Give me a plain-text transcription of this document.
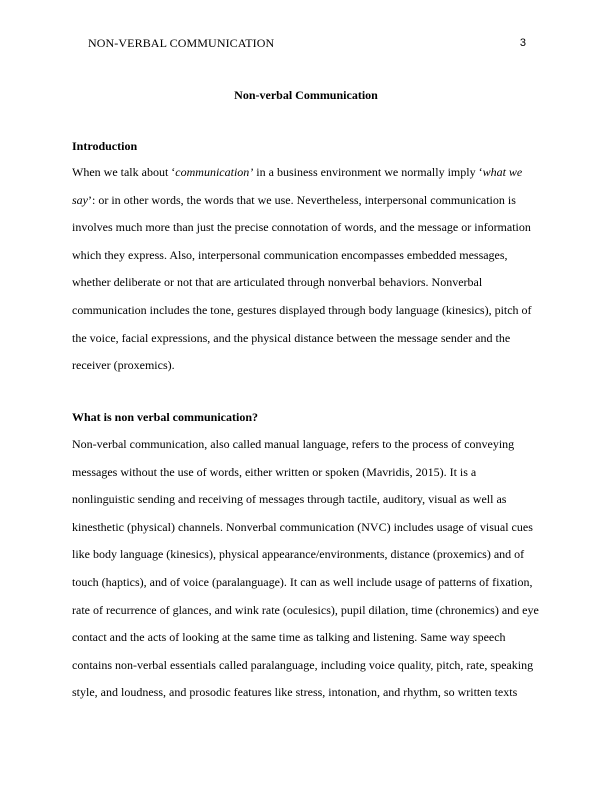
NON-VERBAL COMMUNICATION	3
Non-verbal Communication
Introduction
When we talk about ‘communication’ in a business environment we normally imply ‘what we
say’: or in other words, the words that we use. Nevertheless, interpersonal communication is
involves much more than just the precise connotation of words, and the message or information
which they express. Also, interpersonal communication encompasses embedded messages,
whether deliberate or not that are articulated through nonverbal behaviors. Nonverbal
communication includes the tone, gestures displayed through body language (kinesics), pitch of
the voice, facial expressions, and the physical distance between the message sender and the
receiver (proxemics).
What is non verbal communication?
Non-verbal communication, also called manual language, refers to the process of conveying
messages without the use of words, either written or spoken (Mavridis, 2015). It is a
nonlinguistic sending and receiving of messages through tactile, auditory, visual as well as
kinesthetic (physical) channels. Nonverbal communication (NVC) includes usage of visual cues
like body language (kinesics), physical appearance/environments, distance (proxemics) and of
touch (haptics), and of voice (paralanguage). It can as well include usage of patterns of fixation,
rate of recurrence of glances, and wink rate (oculesics), pupil dilation, time (chronemics) and eye
contact and the acts of looking at the same time as talking and listening. Same way speech
contains non-verbal essentials called paralanguage, including voice quality, pitch, rate, speaking
style, and loudness, and prosodic features like stress, intonation, and rhythm, so written texts
